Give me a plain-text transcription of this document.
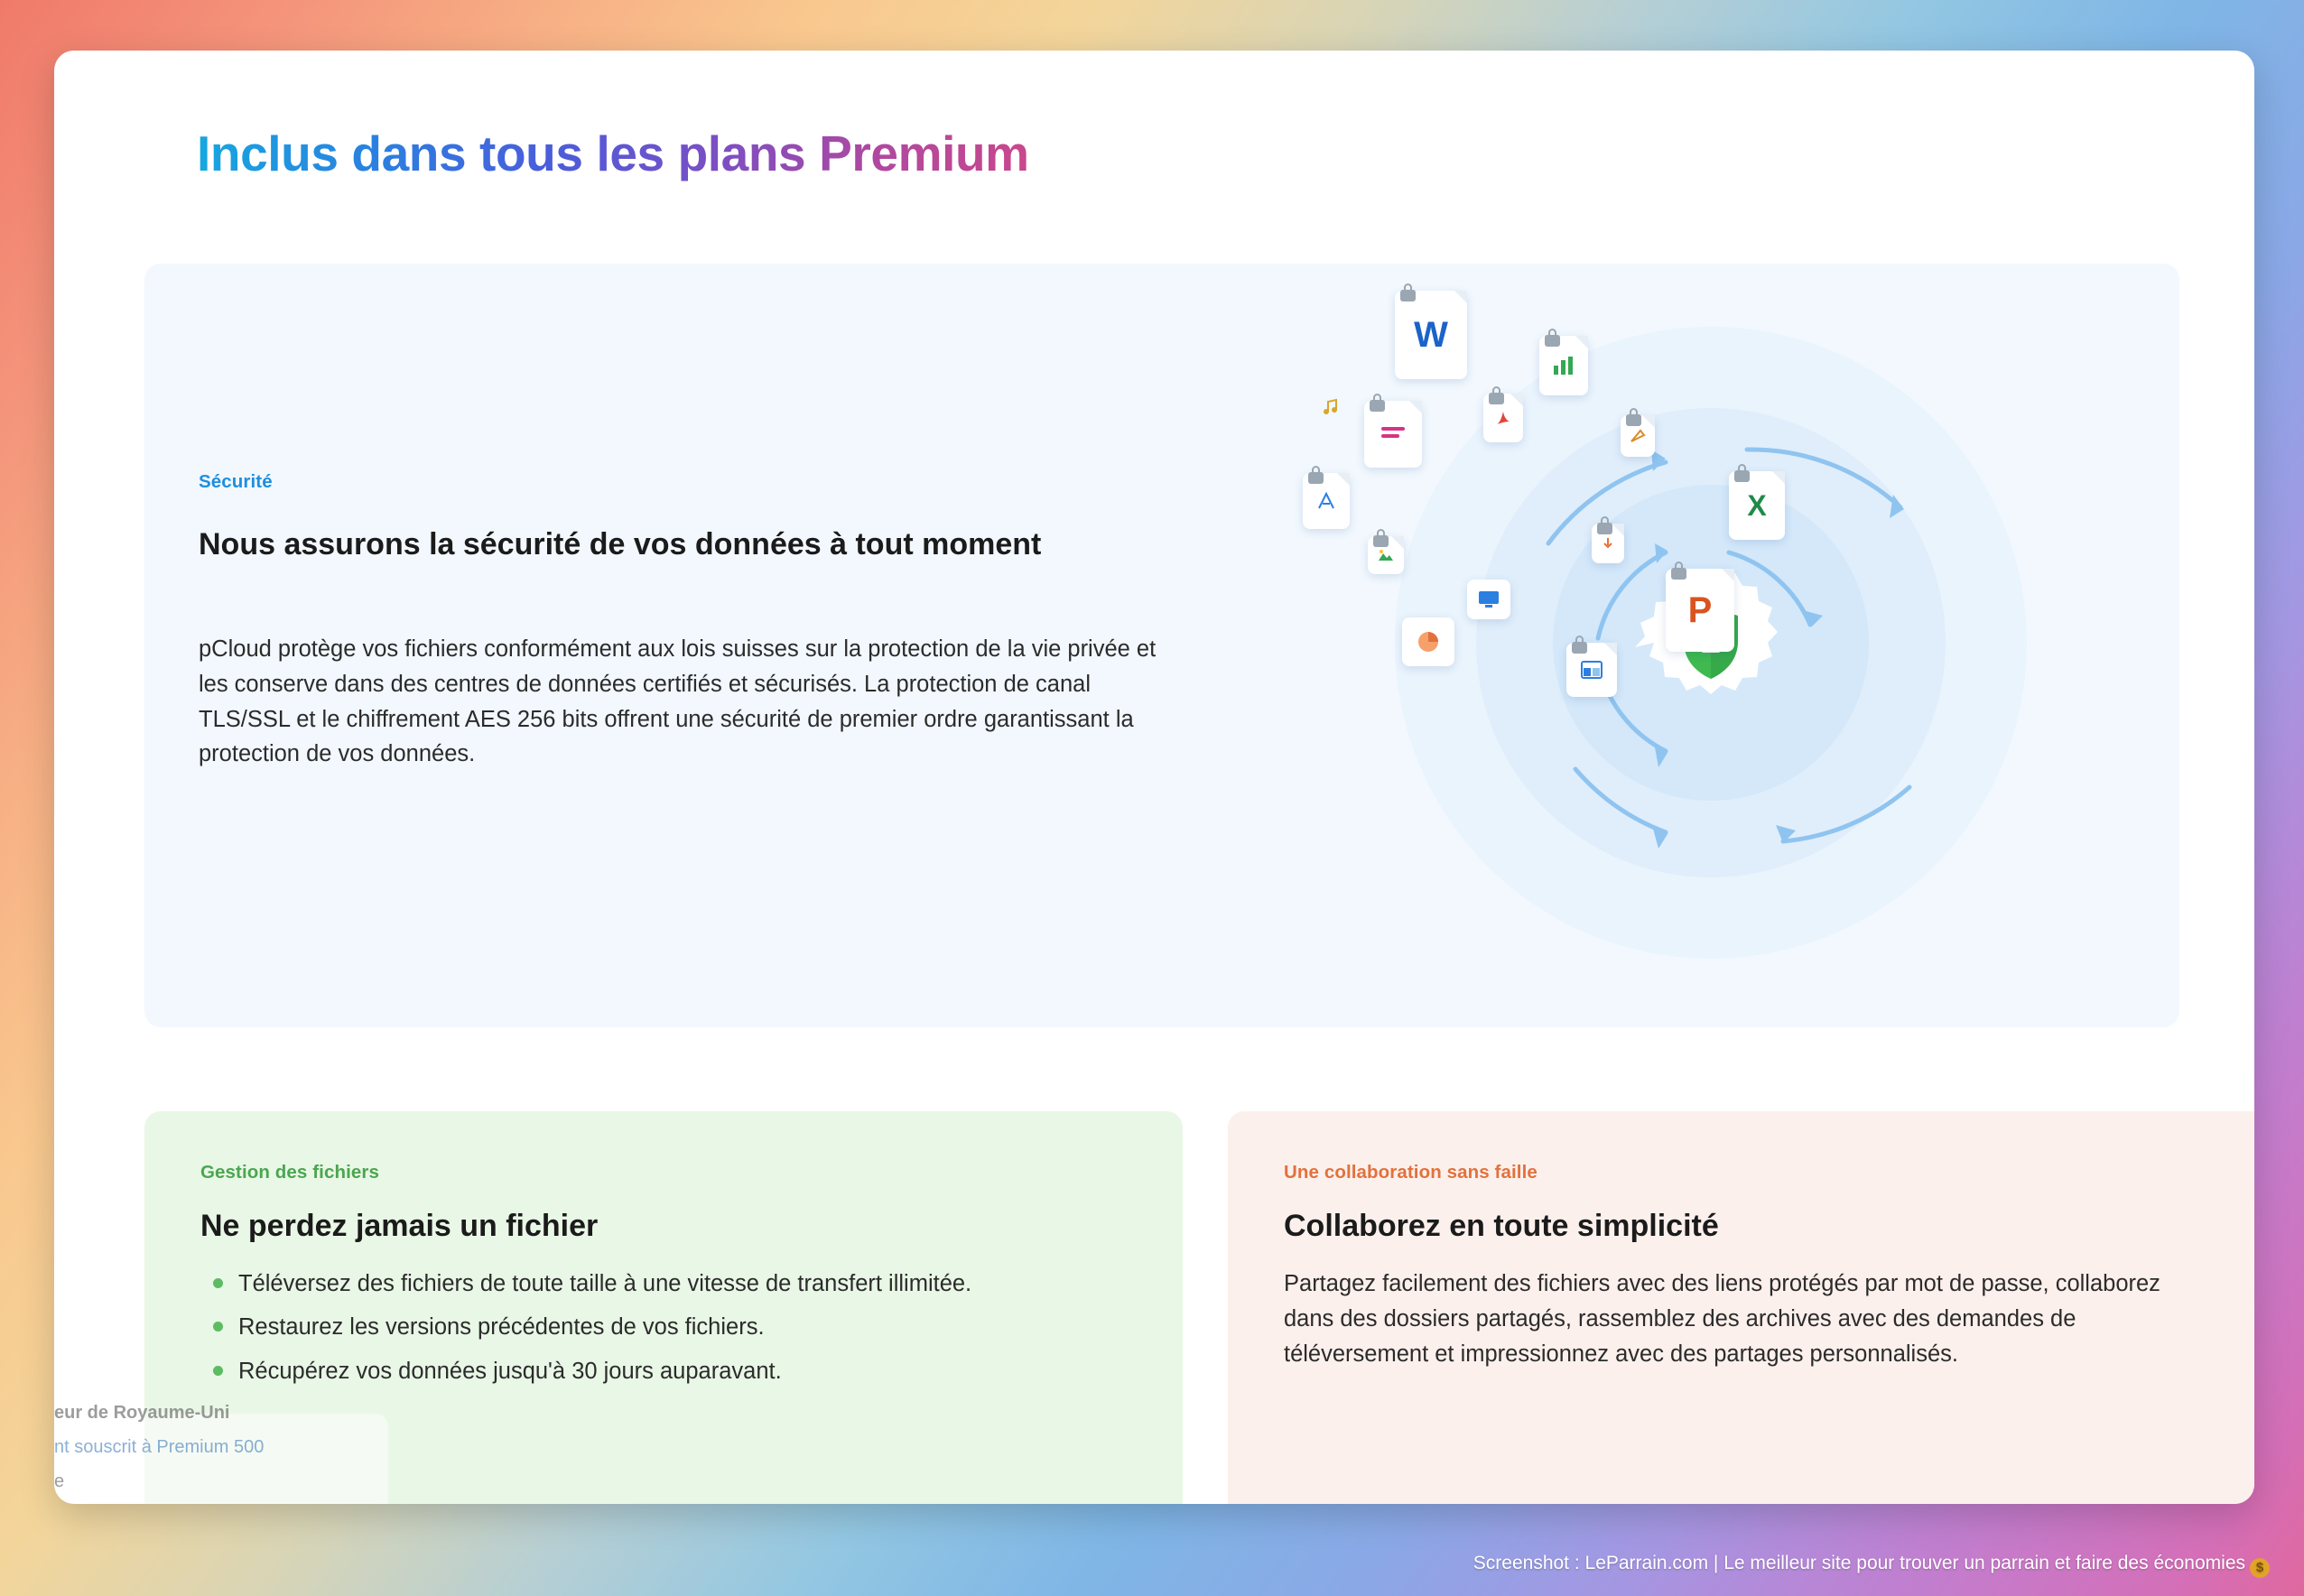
Inclus dans tous les plans Premium
Sécurité
Nous assurons la sécurité de vos données à tout moment

pCloud protège vos fichiers conformément aux lois suisses sur la protection de la vie privée et les conserve dans des centres de données certifiés et sécurisés. La protection de canal TLS/SSL et le chiffrement AES 256 bits offrent une sécurité de premier ordre garantissant la protection de vos données.

W
X
P
Gestion des fichiers
Ne perdez jamais un fichier
Téléversez des fichiers de toute taille à une vitesse de transfert illimitée.
Restaurez les versions précédentes de vos fichiers.
Récupérez vos données jusqu'à 30 jours auparavant.
Une collaboration sans faille
Collaborez en toute simplicité

Partagez facilement des fichiers avec des liens protégés par mot de passe, collaborez dans des dossiers partagés, rassemblez des archives avec des demandes de téléversement et impressionnez avec des partages personnalisés.

eur de Royaume-Uni
nt souscrit à Premium 500
e
Screenshot : LeParrain.com | Le meilleur site pour trouver un parrain et faire des économies $
